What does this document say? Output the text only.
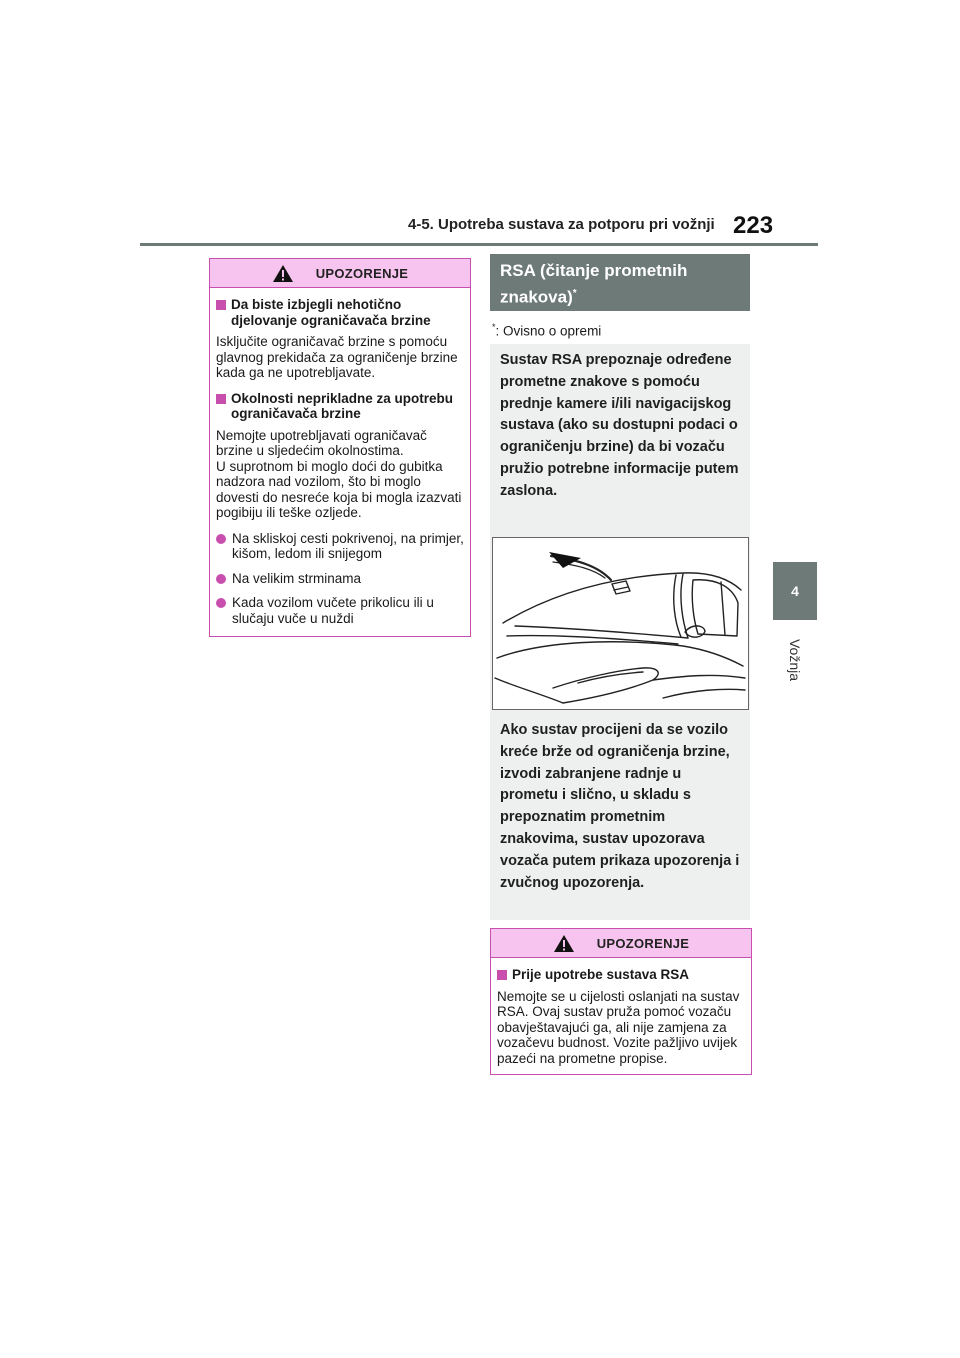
4-5. Upotreba sustava za potporu pri vožnji 223
4
Vožnja
UPOZORENJE
Da biste izbjegli nehotično djelovanje ograničavača brzine

Isključite ograničavač brzine s pomoću glavnog prekidača za ograničenje brzine kada ga ne upotrebljavate.

Okolnosti neprikladne za upotrebu ograničavača brzine

Nemojte upotrebljavati ograničavač brzine u sljedećim okolnostima.

U suprotnom bi moglo doći do gubitka nadzora nad vozilom, što bi moglo dovesti do nesreće koja bi mogla izazvati pogibiju ili teške ozljede.

Na skliskoj cesti pokrivenoj, na primjer, kišom, ledom ili snijegom
Na velikim strminama
Kada vozilom vučete prikolicu ili u slučaju vuče u nuždi
RSA (čitanje prometnih
znakova)*
*: Ovisno o opremi
Sustav RSA prepoznaje određene prometne znakove s pomoću prednje kamere i/ili navigacijskog sustava (ako su dostupni podaci o ograničenju brzine) da bi vozaču pružio potrebne informacije putem zaslona.
Ako sustav procijeni da se vozilo kreće brže od ograničenja brzine, izvodi zabranjene radnje u prometu i slično, u skladu s prepoznatim prometnim znakovima, sustav upozorava vozača putem prikaza upozorenja i zvučnog upozorenja.
UPOZORENJE
Prije upotrebe sustava RSA

Nemojte se u cijelosti oslanjati na sustav RSA. Ovaj sustav pruža pomoć vozaču obavještavajući ga, ali nije zamjena za vozačevu budnost. Vozite pažljivo uvijek pazeći na prometne propise.
